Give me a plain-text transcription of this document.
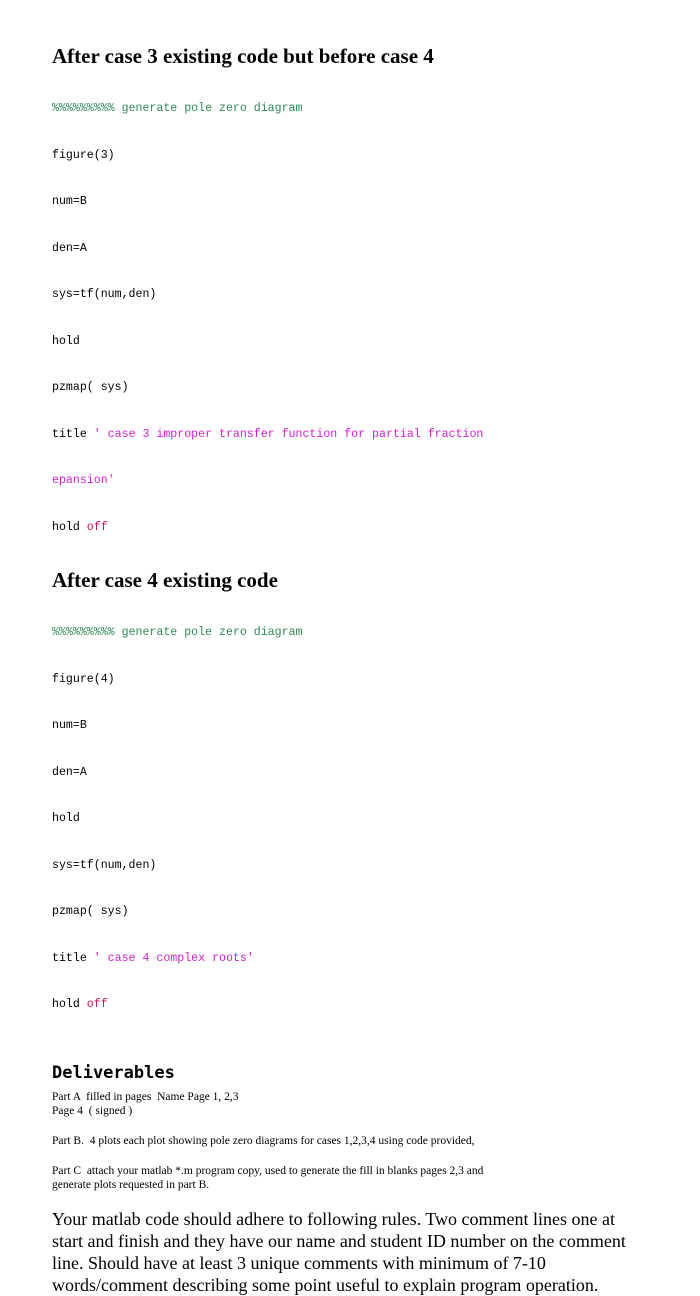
After case 3 existing code but before case 4

%%%%%%%%% generate pole zero diagram

figure(3)

num=B

den=A

sys=tf(num,den)

hold

pzmap( sys)

title ' case 3 improper transfer function for partial fraction

epansion'

hold off

After case 4 existing code

%%%%%%%%% generate pole zero diagram

figure(4)

num=B

den=A

hold

sys=tf(num,den)

pzmap( sys)

title ' case 4 complex roots'

hold off

Deliverables

Part A  filled in pages  Name Page 1, 2,3

Page 4  ( signed )

Part B.  4 plots each plot showing pole zero diagrams for cases 1,2,3,4 using code provided,

Part C  attach your matlab *.m program copy, used to generate the fill in blanks pages 2,3 and

generate plots requested in part B.

Your matlab code should adhere to following rules. Two comment lines one at start and finish and they have our name and student ID number on the comment line. Should have at least 3 unique comments with minimum of 7-10 words/comment describing some point useful to explain program operation.
